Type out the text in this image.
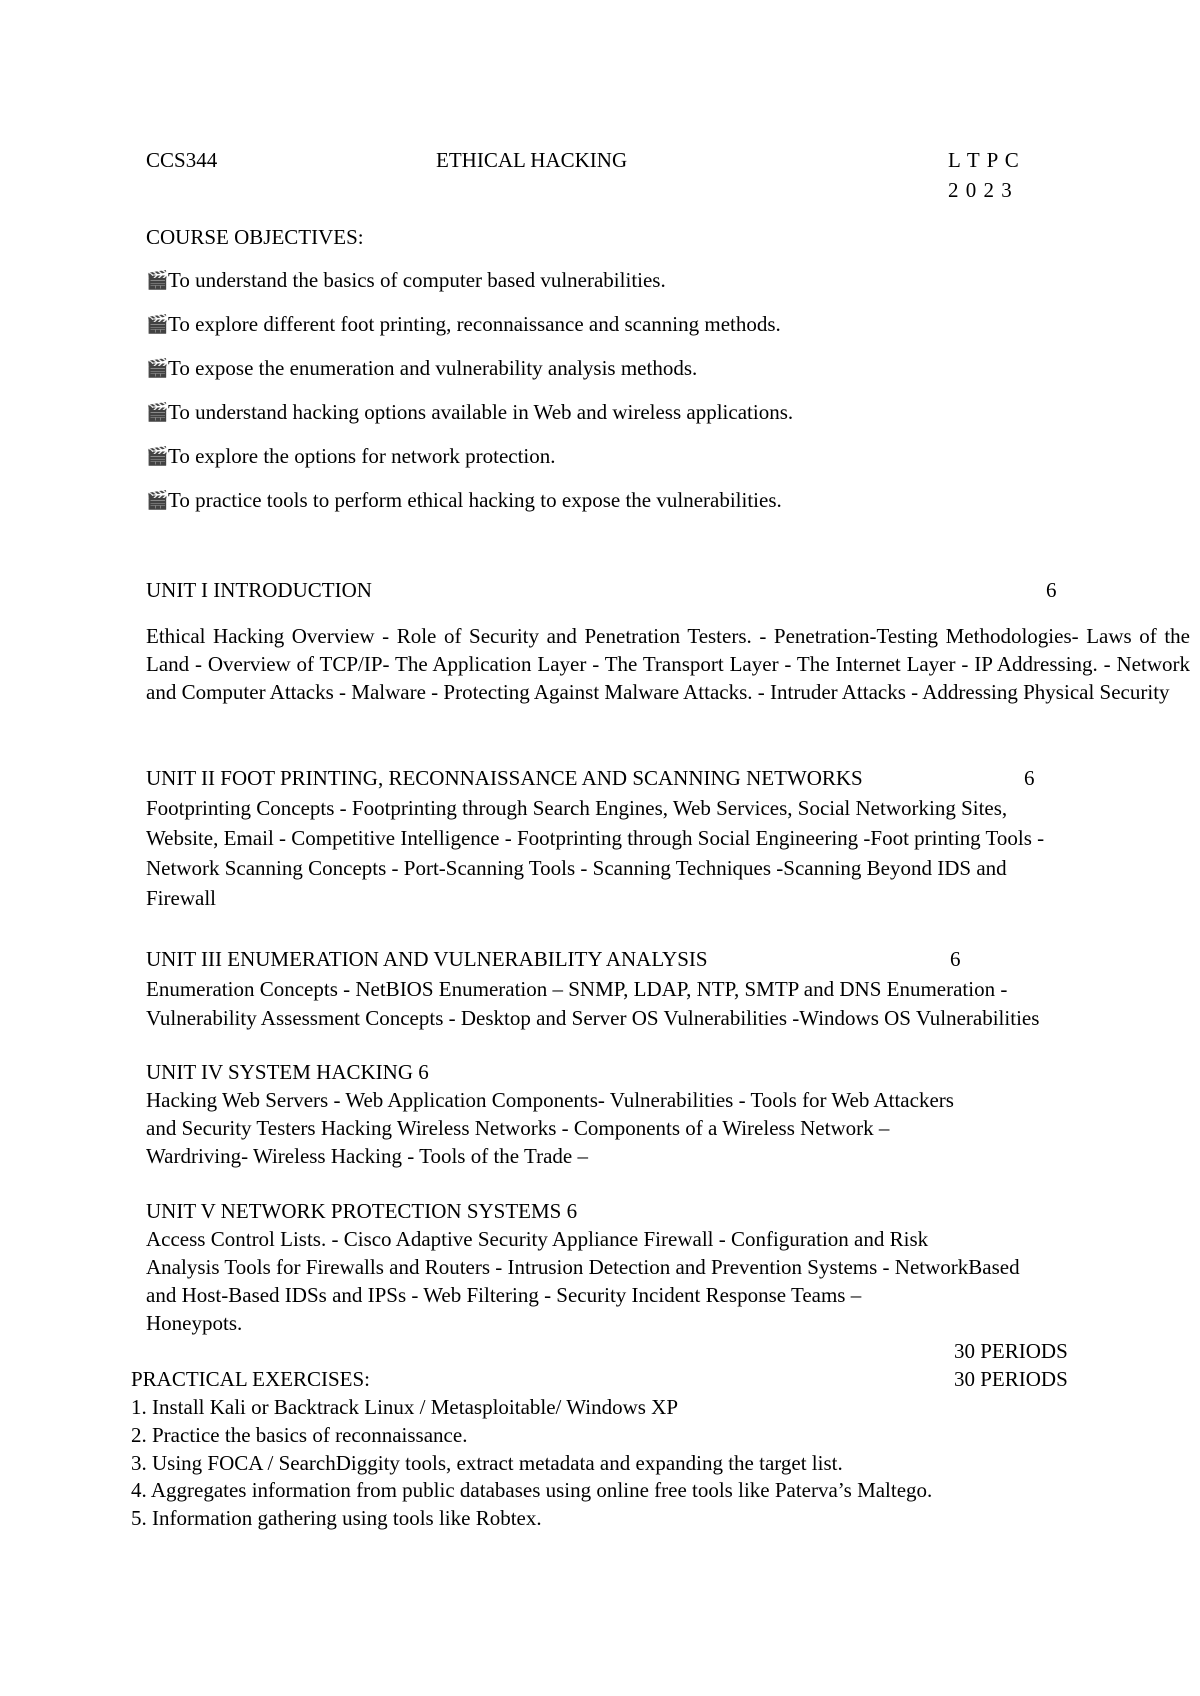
CCS344	ETHICAL HACKING	L T P C
2 0 2 3
COURSE OBJECTIVES:
🎬To understand the basics of computer based vulnerabilities.
🎬To explore different foot printing, reconnaissance and scanning methods.
🎬To expose the enumeration and vulnerability analysis methods.
🎬To understand hacking options available in Web and wireless applications.
🎬To explore the options for network protection.
🎬To practice tools to perform ethical hacking to expose the vulnerabilities.
UNIT I INTRODUCTION	6
Ethical Hacking Overview - Role of Security and Penetration Testers. - Penetration-Testing Methodologies- Laws of the Land - Overview of TCP/IP- The Application Layer - The Transport Layer - The Internet Layer - IP Addressing. - Network and Computer Attacks - Malware - Protecting Against Malware Attacks. - Intruder Attacks - Addressing Physical Security
UNIT II FOOT PRINTING, RECONNAISSANCE AND SCANNING NETWORKS	6
Footprinting Concepts - Footprinting through Search Engines, Web Services, Social Networking Sites,
Website, Email - Competitive Intelligence - Footprinting through Social Engineering -Foot printing Tools -
Network Scanning Concepts - Port-Scanning Tools - Scanning Techniques -Scanning Beyond IDS and
Firewall
UNIT III ENUMERATION AND VULNERABILITY ANALYSIS	6
Enumeration Concepts - NetBIOS Enumeration – SNMP, LDAP, NTP, SMTP and DNS Enumeration -
Vulnerability Assessment Concepts - Desktop and Server OS Vulnerabilities -Windows OS Vulnerabilities
UNIT IV SYSTEM HACKING 6
Hacking Web Servers - Web Application Components- Vulnerabilities - Tools for Web Attackers
and Security Testers Hacking Wireless Networks - Components of a Wireless Network –
Wardriving- Wireless Hacking - Tools of the Trade –
UNIT V NETWORK PROTECTION SYSTEMS 6
Access Control Lists. - Cisco Adaptive Security Appliance Firewall - Configuration and Risk
Analysis Tools for Firewalls and Routers - Intrusion Detection and Prevention Systems - NetworkBased
and Host-Based IDSs and IPSs - Web Filtering - Security Incident Response Teams –
Honeypots.
30 PERIODS
PRACTICAL EXERCISES:	30 PERIODS
1. Install Kali or Backtrack Linux / Metasploitable/ Windows XP
2. Practice the basics of reconnaissance.
3. Using FOCA / SearchDiggity tools, extract metadata and expanding the target list.
4. Aggregates information from public databases using online free tools like Paterva’s Maltego.
5. Information gathering using tools like Robtex.
